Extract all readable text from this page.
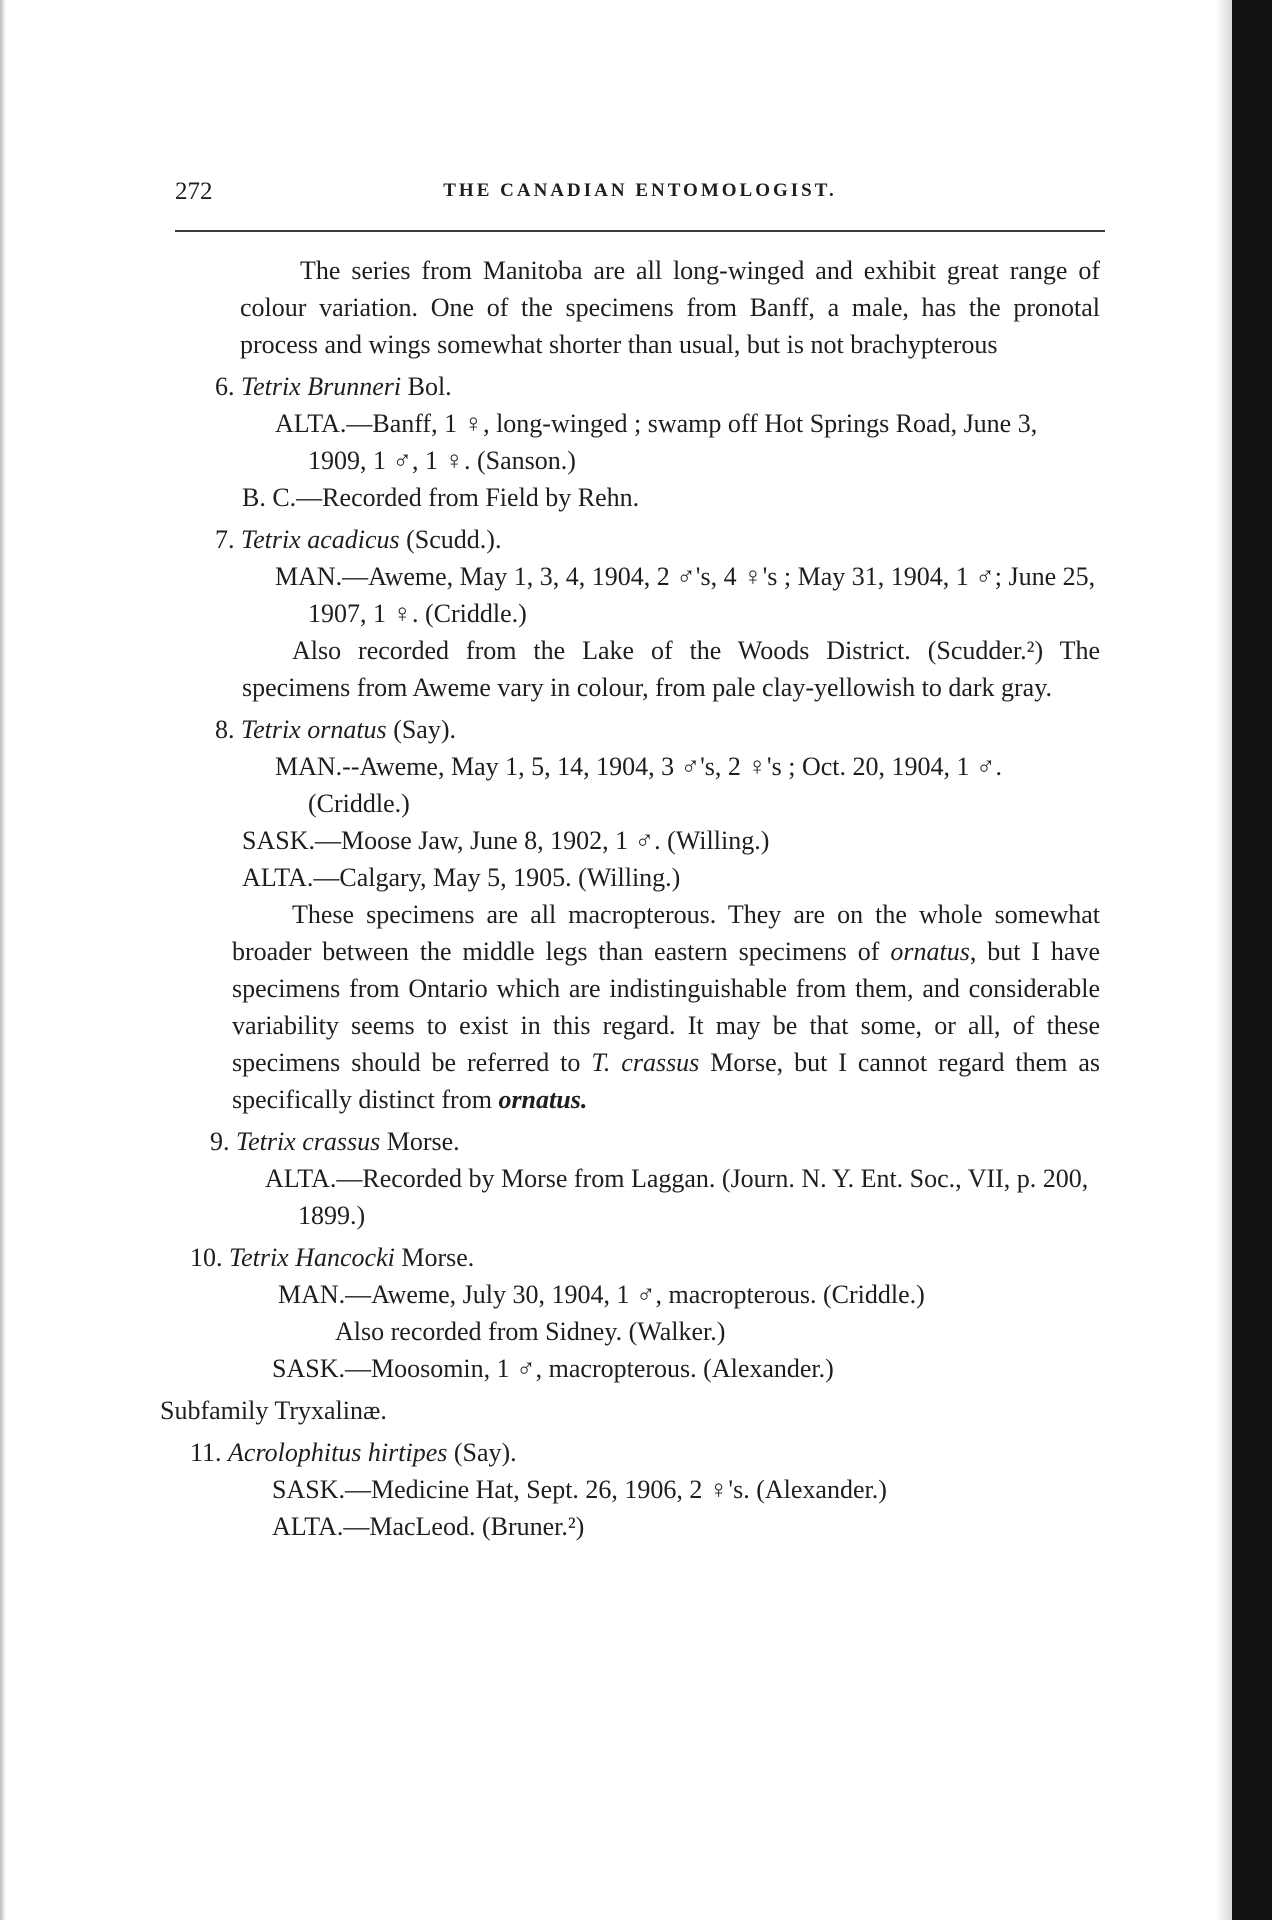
272	THE CANADIAN ENTOMOLOGIST.

The series from Manitoba are all long-winged and exhibit great range of colour variation. One of the specimens from Banff, a male, has the pronotal process and wings somewhat shorter than usual, but is not brachypterous

6. Tetrix Brunneri Bol.

ALTA.—Banff, 1 ♀, long-winged ; swamp off Hot Springs Road, June 3, 1909, 1 ♂, 1 ♀. (Sanson.)

B. C.—Recorded from Field by Rehn.

7. Tetrix acadicus (Scudd.).

MAN.—Aweme, May 1, 3, 4, 1904, 2 ♂'s, 4 ♀'s ; May 31, 1904, 1 ♂; June 25, 1907, 1 ♀. (Criddle.)

Also recorded from the Lake of the Woods District. (Scudder.²) The specimens from Aweme vary in colour, from pale clay-yellowish to dark gray.

8. Tetrix ornatus (Say).

MAN.--Aweme, May 1, 5, 14, 1904, 3 ♂'s, 2 ♀'s ; Oct. 20, 1904, 1 ♂. (Criddle.)

SASK.—Moose Jaw, June 8, 1902, 1 ♂. (Willing.)

ALTA.—Calgary, May 5, 1905. (Willing.)

These specimens are all macropterous. They are on the whole somewhat broader between the middle legs than eastern specimens of ornatus, but I have specimens from Ontario which are indistinguishable from them, and considerable variability seems to exist in this regard. It may be that some, or all, of these specimens should be referred to T. crassus Morse, but I cannot regard them as specifically distinct from ornatus.

9. Tetrix crassus Morse.

ALTA.—Recorded by Morse from Laggan. (Journ. N. Y. Ent. Soc., VII, p. 200, 1899.)

10. Tetrix Hancocki Morse.

MAN.—Aweme, July 30, 1904, 1 ♂, macropterous. (Criddle.)

Also recorded from Sidney. (Walker.)

SASK.—Moosomin, 1 ♂, macropterous. (Alexander.)

Subfamily Tryxalinæ.

11. Acrolophitus hirtipes (Say).

SASK.—Medicine Hat, Sept. 26, 1906, 2 ♀'s. (Alexander.)

ALTA.—MacLeod. (Bruner.²)
